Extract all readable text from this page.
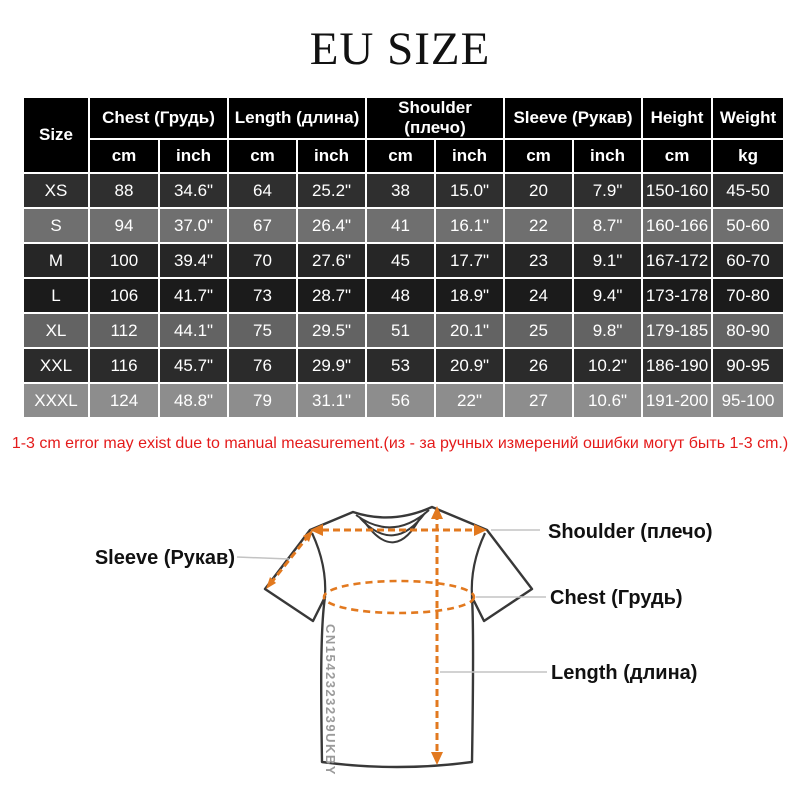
EU SIZE
Size	Chest (Грудь)		Length (длина)		Shoulder (плечо)		Sleeve (Рукав)		Height	Weight
	cm	inch	cm	inch	cm	inch	cm	inch	cm	kg
XS	88	34.6"	64	25.2"	38	15.0"	20	7.9"	150-160	45-50
S	94	37.0"	67	26.4"	41	16.1"	22	8.7"	160-166	50-60
M	100	39.4"	70	27.6"	45	17.7"	23	9.1"	167-172	60-70
L	106	41.7"	73	28.7"	48	18.9"	24	9.4"	173-178	70-80
XL	112	44.1"	75	29.5"	51	20.1"	25	9.8"	179-185	80-90
XXL	116	45.7"	76	29.9"	53	20.9"	26	10.2"	186-190	90-95
XXXL	124	48.8"	79	31.1"	56	22"	27	10.6"	191-200	95-100
1-3 cm error may exist due to manual measurement.(из - за ручных измерений ошибки могут быть 1-3 cm.)
Shoulder (плечо)
Chest (Грудь)
Length (длина)
Sleeve (Рукав)
CN1542323239UKBY
